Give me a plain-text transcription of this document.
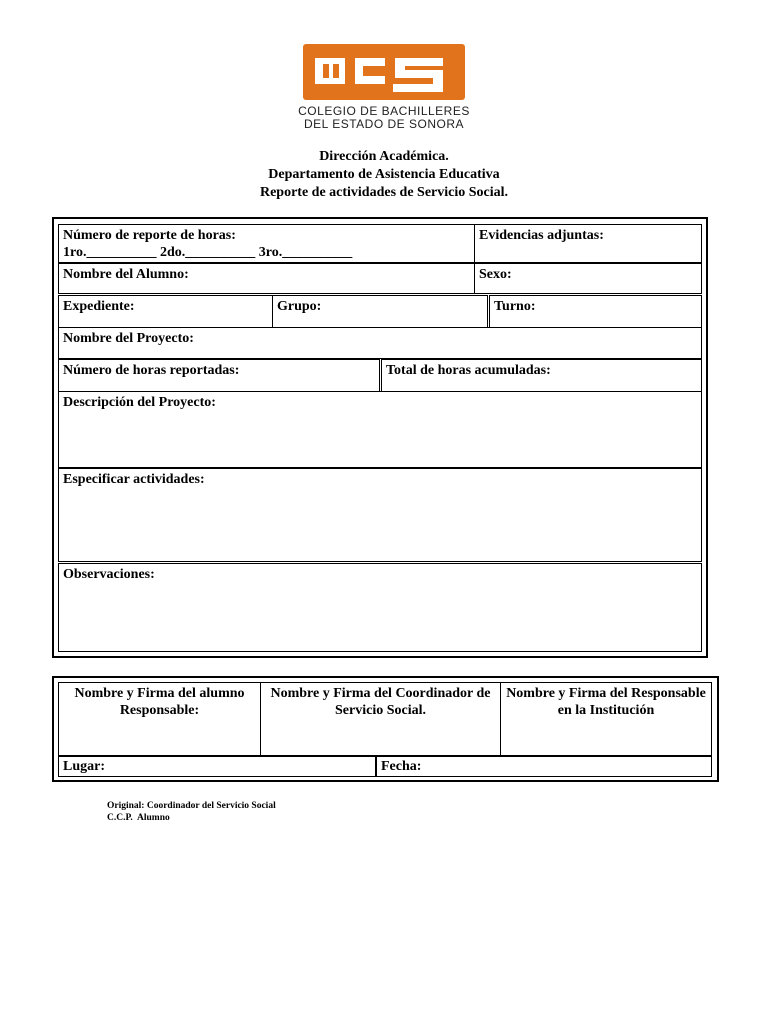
COLEGIO DE BACHILLERES
DEL ESTADO DE SONORA
Dirección Académica.
Departamento de Asistencia Educativa
Reporte de actividades de Servicio Social.
Número de reporte de horas:
1ro.__________ 2do.__________ 3ro.__________
Evidencias adjuntas:
Nombre del Alumno:	Sexo:
Expediente:	Grupo:	Turno:
Nombre del Proyecto:
Número de horas reportadas:	Total de horas acumuladas:
Descripción del Proyecto:
Especificar actividades:
Observaciones:
Nombre y Firma del alumno Responsable:
Nombre y Firma del Coordinador de Servicio Social.
Nombre y Firma del Responsable en la Institución
Lugar:	Fecha:
Original: Coordinador del Servicio Social
C.C.P.  Alumno
